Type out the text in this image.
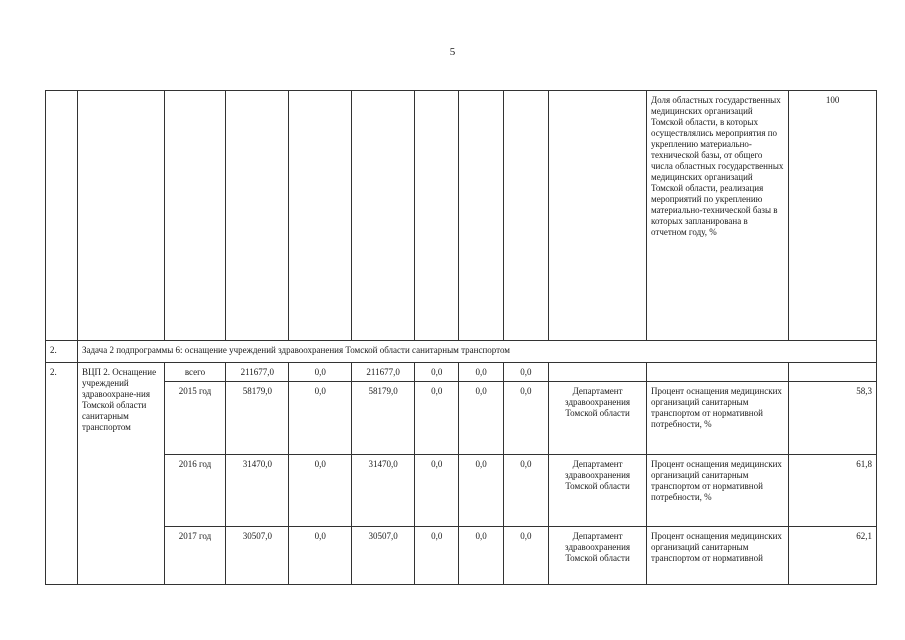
5
										Доля областных государственных медицинских организаций Томской области, в которых осуществлялись мероприятия по укреплению материально-технической базы, от общего числа областных государственных медицинских организаций Томской области, реализация мероприятий по укреплению материально-технической базы в которых запланирована в отчетном году, %	100
2.	Задача 2 подпрограммы 6: оснащение учреждений здравоохранения Томской области санитарным транспортом										
2.	ВЦП 2. Оснащение учреждений здравоохране-ния Томской области санитарным транспортом	всего	211677,0	0,0	211677,0	0,0	0,0	0,0			
		2015 год	58179,0	0,0	58179,0	0,0	0,0	0,0	Департамент здравоохранения Томской области	Процент оснащения медицинских организаций санитарным транспортом от нормативной потребности, %	58,3
		2016 год	31470,0	0,0	31470,0	0,0	0,0	0,0	Департамент здравоохранения Томской области	Процент оснащения медицинских организаций санитарным транспортом от нормативной потребности, %	61,8
		2017 год	30507,0	0,0	30507,0	0,0	0,0	0,0	Департамент здравоохранения Томской области	Процент оснащения медицинских организаций санитарным транспортом от нормативной	62,1
